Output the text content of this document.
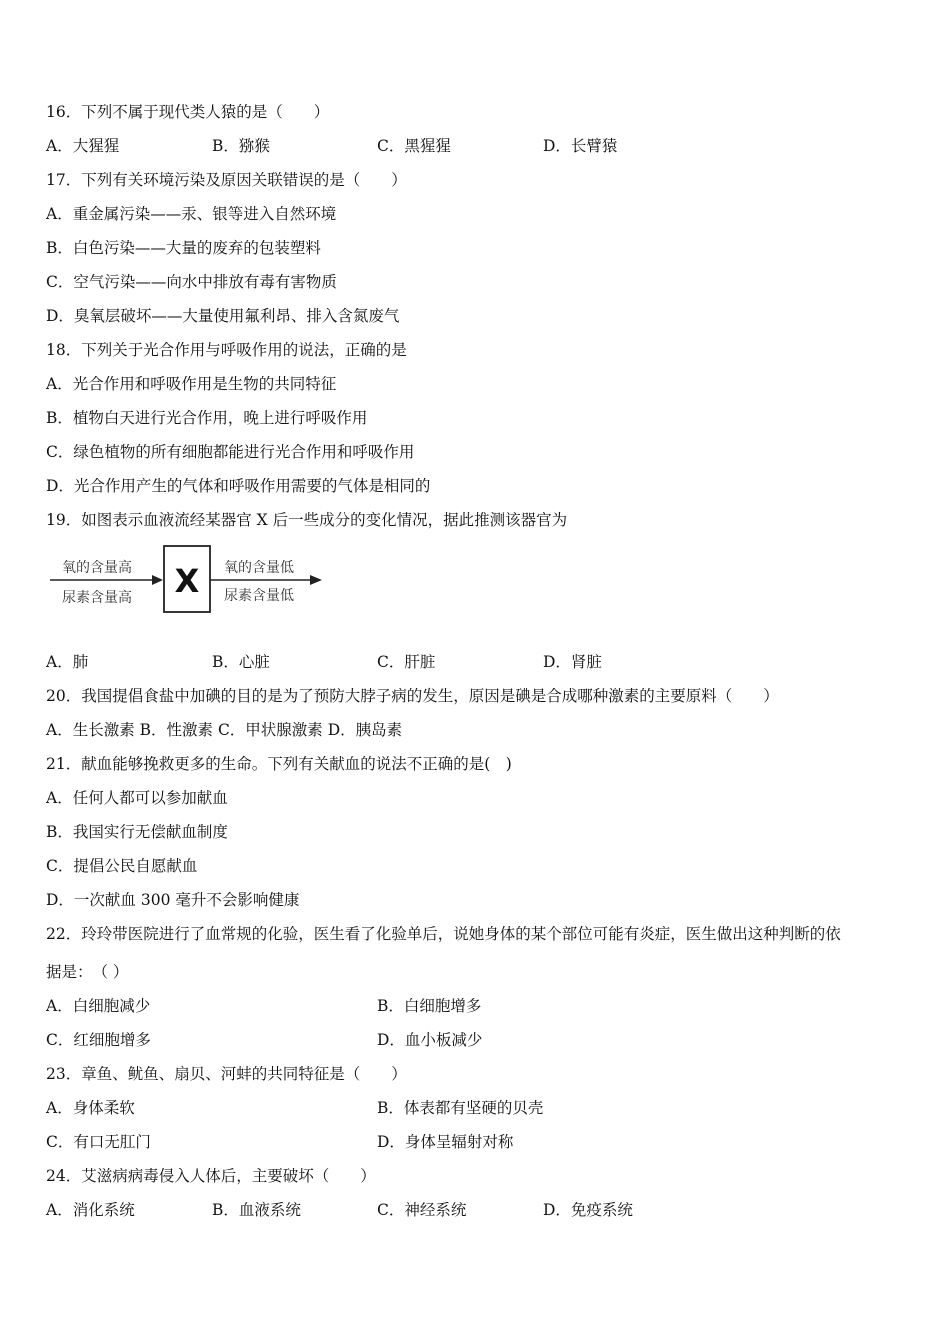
16．下列不属于现代类人猿的是（　　）
A．大猩猩	B．猕猴	C．黑猩猩	D．长臂猿
17．下列有关环境污染及原因关联错误的是（　　）
A．重金属污染——汞、银等进入自然环境
B．白色污染——大量的废弃的包装塑料
C．空气污染——向水中排放有毒有害物质
D．臭氧层破坏——大量使用氟利昂、排入含氮废气
18．下列关于光合作用与呼吸作用的说法，正确的是
A．光合作用和呼吸作用是生物的共同特征
B．植物白天进行光合作用，晚上进行呼吸作用
C．绿色植物的所有细胞都能进行光合作用和呼吸作用
D．光合作用产生的气体和呼吸作用需要的气体是相同的
19．如图表示血液流经某器官 X 后一些成分的变化情况，据此推测该器官为
氧的含量高
尿素含量高 X 氧的含量低
尿素含量低
A．肺	B．心脏	C．肝脏	D．肾脏
20．我国提倡食盐中加碘的目的是为了预防大脖子病的发生，原因是碘是合成哪种激素的主要原料（　　）
A．生长激素 B．性激素 C．甲状腺激素 D．胰岛素
21．献血能够挽救更多的生命。下列有关献血的说法不正确的是(　)
A．任何人都可以参加献血
B．我国实行无偿献血制度
C．提倡公民自愿献血
D．一次献血 300 毫升不会影响健康
22．玲玲带医院进行了血常规的化验，医生看了化验单后，说她身体的某个部位可能有炎症，医生做出这种判断的依
据是：　（ ）
A．白细胞减少	B．白细胞增多
C．红细胞增多	D．血小板减少
23．章鱼、鱿鱼、扇贝、河蚌的共同特征是（　　）
A．身体柔软	B．体表都有坚硬的贝壳
C．有口无肛门	D．身体呈辐射对称
24．艾滋病病毒侵入人体后，主要破坏（　　）
A．消化系统	B．血液系统	C．神经系统	D．免疫系统
